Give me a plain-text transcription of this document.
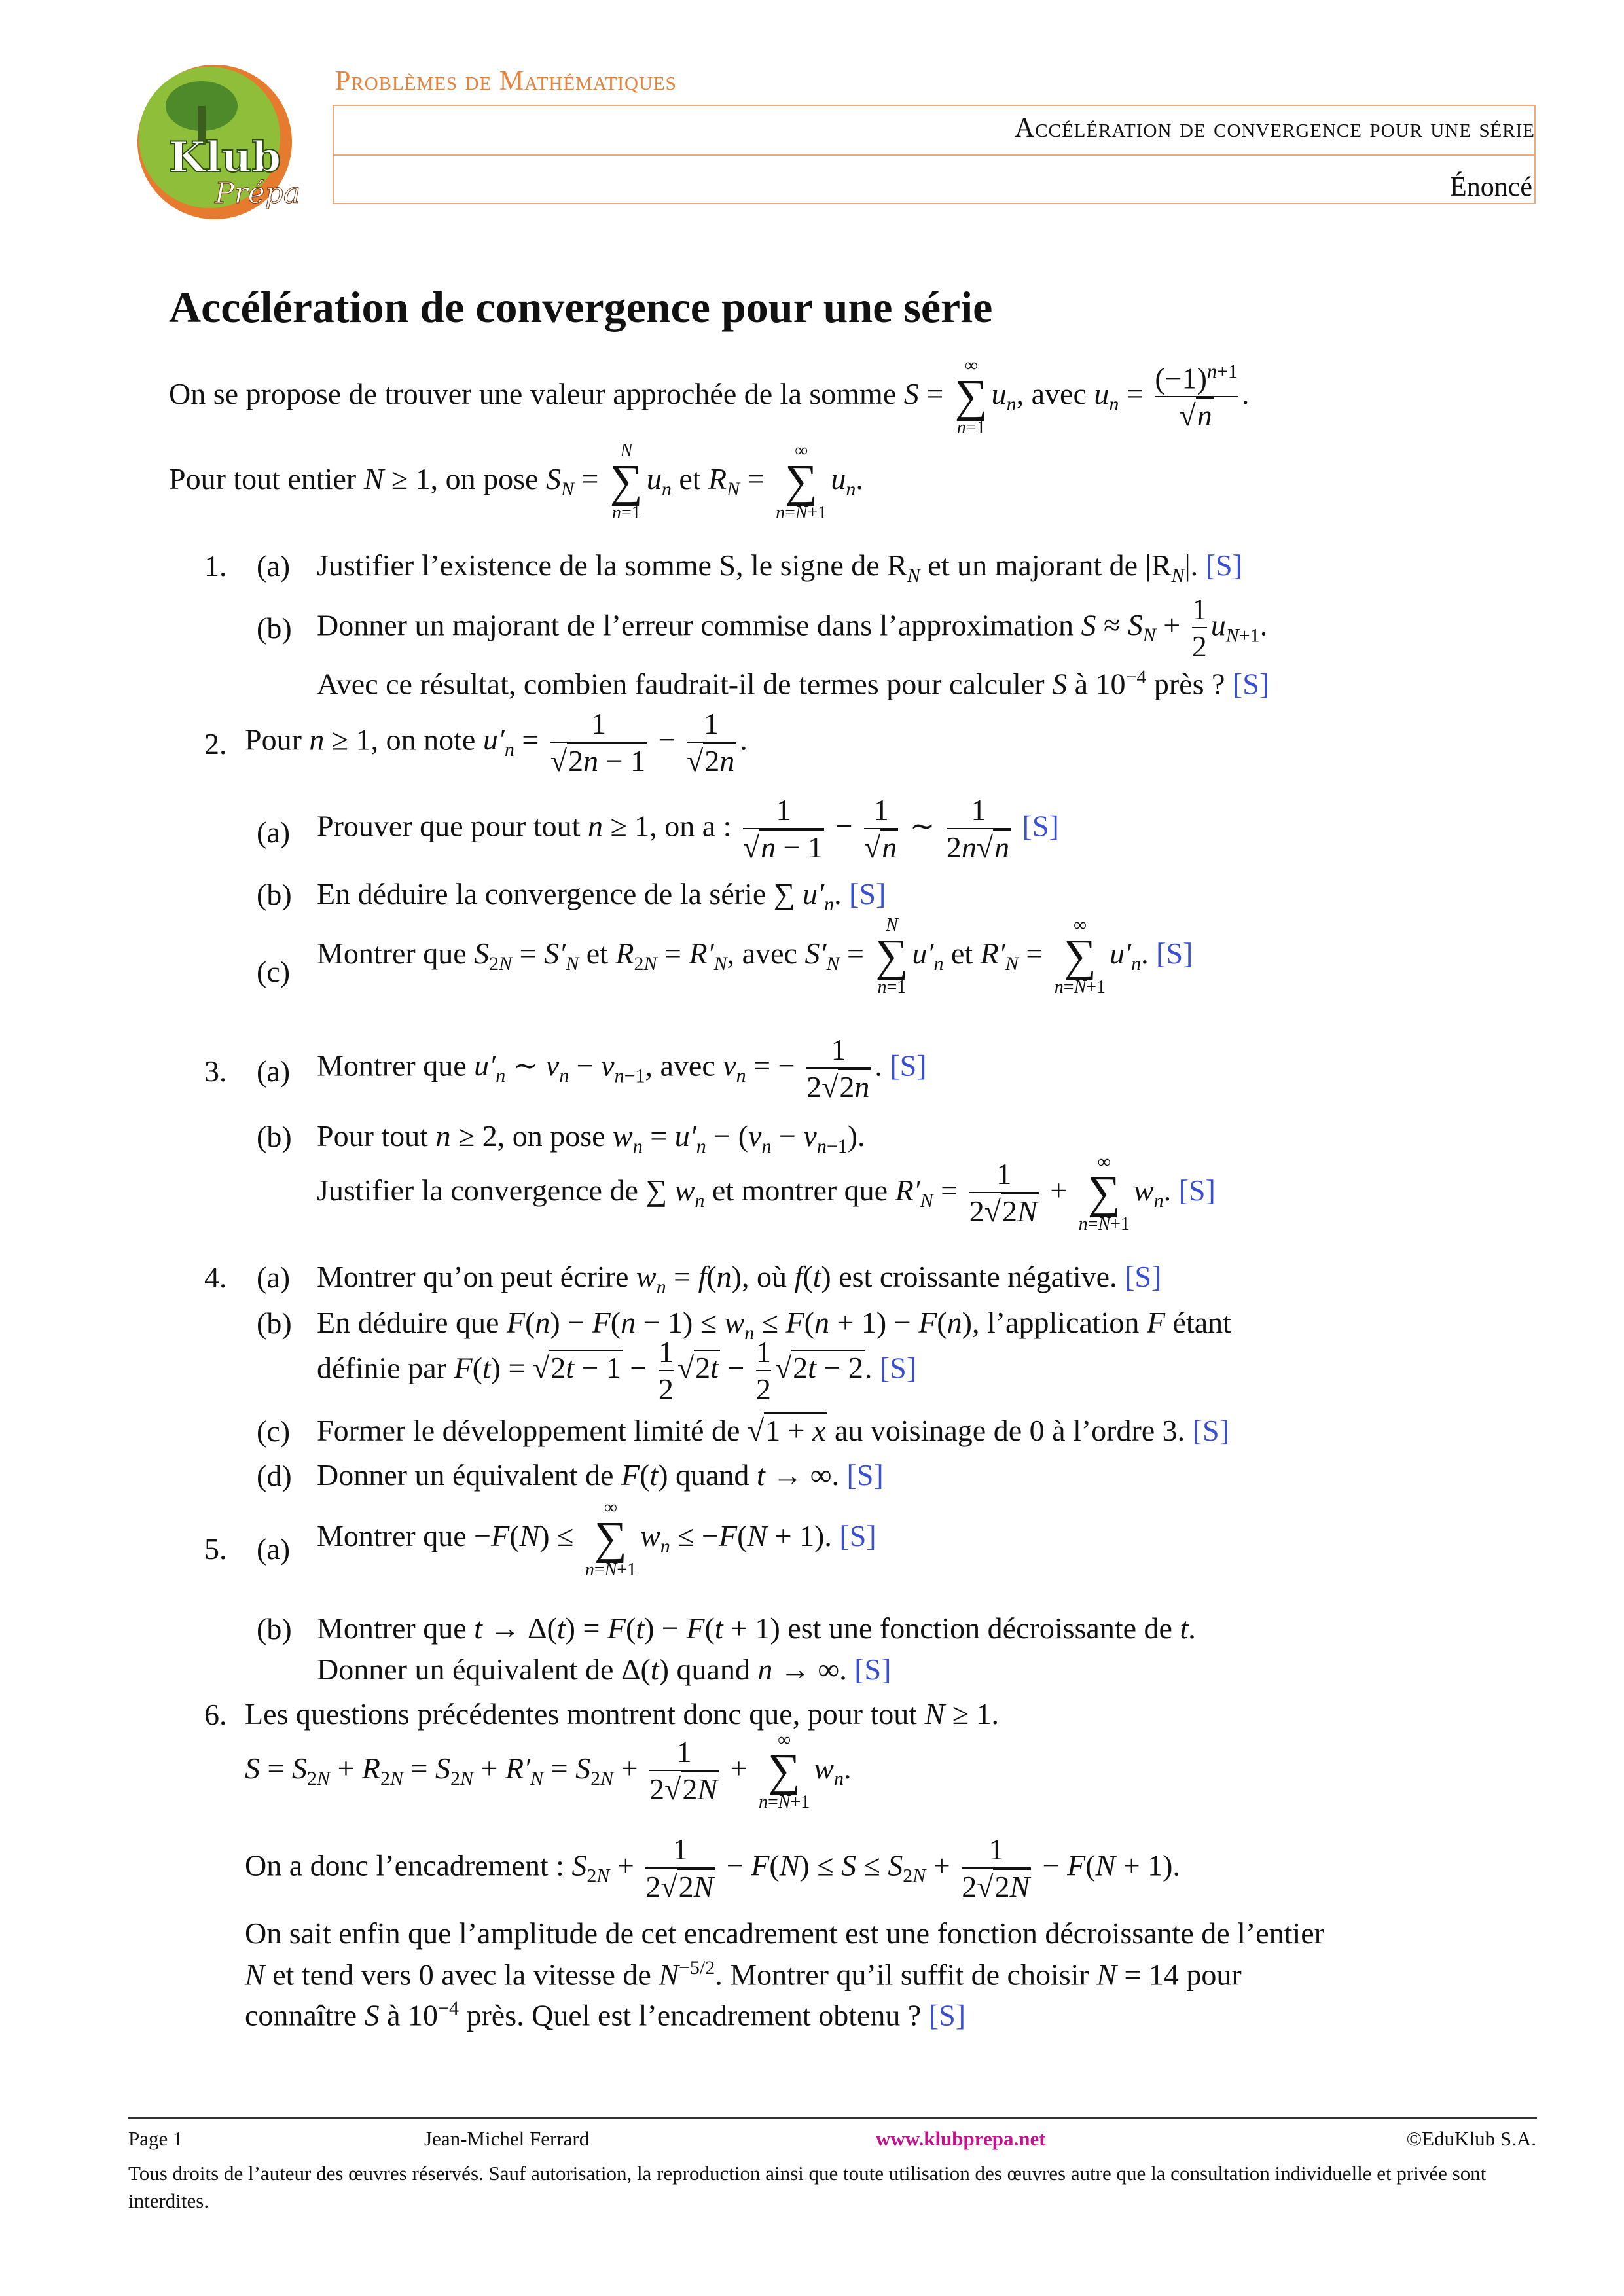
Klub
Prépa
Problèmes de Mathématiques
Accélération de convergence pour une série
Énoncé
Accélération de convergence pour une série
On se propose de trouver une valeur approchée de la somme S =
∞
∑
n=1
$u_n$, avec $u_n = \frac{(-1)^{n+1}}{√n}$ .
Pour tout entier N ≥ 1, on pose $S_N$ =
N
∑
n=1
$u_n$ et $R_N$ =
∞
∑
n=N+1
$u_n$.
1. (a) Justifier l’existence de la somme S, le signe de $R_N$ et un majorant de $|R_N|$. [S]
(b) Donner un majorant de l’erreur commise dans l’approximation $S \approx S_N + \frac{1}{2} u_{N+1}$.
Avec ce résultat, combien faudrait-il de termes pour calculer S à $10^{-4}$ près ? [S]
2. Pour n ≥ 1, on note $u'_n = \frac{1}{√2n - 1} - \frac{1}{√2n}$ .
(a) Prouver que pour tout n ≥ 1, on a : $\frac{1}{√n - 1} - \frac{1}{√n}$ ∼ $\frac{1}{2n√n} [S]$
(b) En déduire la convergence de la série ∑ $u'_n$. [S]
(c)
Montrer que $S_{2N} = S'_N$ et $R_{2N} = R'_N$, avec $S'_N$ =
N
∑
n=1
$u'_n$ et $R'_N$ =
∞
∑
n=N+1
$u'_n$. [S]
3. (a) Montrer que $u'_n$ ∼ $v_n - v_{n-1}$, avec $v_n$ = − $\frac{1}{2√2n}$ . [S]
(b) Pour tout n ≥ 2, on pose $w_n = u'_n - (v_n - v_{n-1})$.
Justifier la convergence de ∑ $w_n$ et montrer que $R'_N = \frac{1}{2√2N}$ +
∞
∑
n=N+1
$w_n$. [S]
4. (a) Montrer qu’on peut écrire $w_n = f(n)$, où f(t) est croissante négative. [S]
(b) En déduire que $F(n) - F(n - 1) \le w_n \le F(n + 1) - F(n)$, l’application F étant
définie par $F(t) = √2t - 1 - \frac{1}{2} √2t - \frac{1}{2} √2t - 2$. [S]
(c) Former le développement limité de √1 + x au voisinage de 0 à l’ordre 3. [S]
(d) Donner un équivalent de F(t) quand t → ∞. [S]
5. (a) Montrer que −F(N) ≤
∞
∑
n=N+1
$w_n \le -F(N + 1)$. [S]
(b) Montrer que t → Δ(t) = F(t) − F(t + 1) est une fonction décroissante de t.
Donner un équivalent de Δ(t) quand n → ∞. [S]
6. Les questions précédentes montrent donc que, pour tout N ≥ 1.
$S = S_{2N} + R_{2N} = S_{2N} + R'_N = S_{2N} + \frac{1}{2√2N}$ +
∞
∑
n=N+1
$w_n$.
On a donc l’encadrement : $S_{2N} + \frac{1}{2√2N} - F(N) \le S \le S_{2N} + \frac{1}{2√2N} - F(N + 1)$.
On sait enfin que l’amplitude de cet encadrement est une fonction décroissante de l’entier
N et tend vers 0 avec la vitesse de $N^{-5/2}$. Montrer qu’il suffit de choisir N = 14 pour
connaître S à $10^{-4}$ près. Quel est l’encadrement obtenu ? [S]
Page 1	Jean-Michel Ferrard	www.klubprepa.net	©EduKlub S.A.
Tous droits de l’auteur des œuvres réservés. Sauf autorisation, la reproduction ainsi que toute utilisation des œuvres autre que la consultation individuelle et privée sont interdites.
